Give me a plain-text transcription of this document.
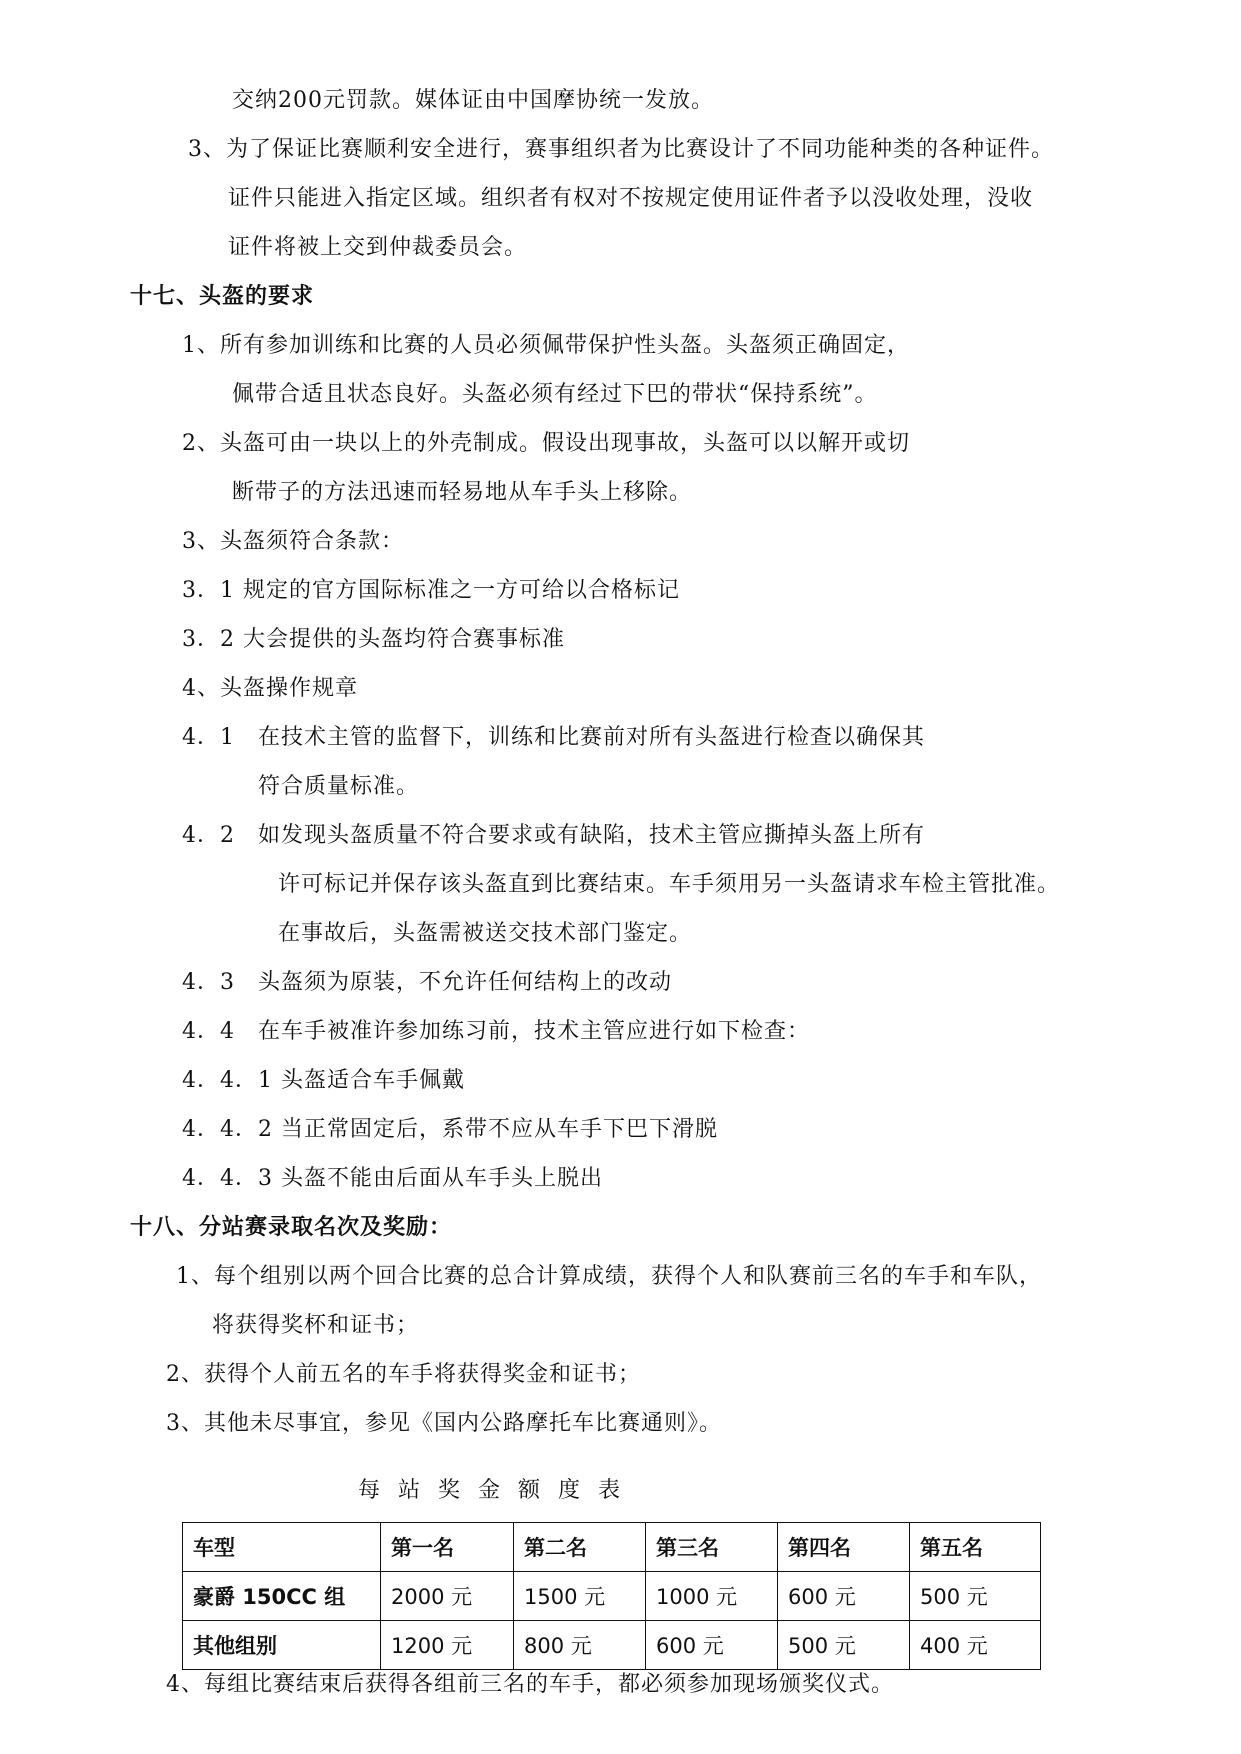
交纳200元罚款。媒体证由中国摩协统一发放。
3、为了保证比赛顺利安全进行，赛事组织者为比赛设计了不同功能种类的各种证件。
证件只能进入指定区域。组织者有权对不按规定使用证件者予以没收处理，没收
证件将被上交到仲裁委员会。
十七、头盔的要求
1、所有参加训练和比赛的人员必须佩带保护性头盔。头盔须正确固定，
佩带合适且状态良好。头盔必须有经过下巴的带状“保持系统”。
2、头盔可由一块以上的外壳制成。假设出现事故，头盔可以以解开或切
断带子的方法迅速而轻易地从车手头上移除。
3、头盔须符合条款：
3．1 规定的官方国际标准之一方可给以合格标记
3．2 大会提供的头盔均符合赛事标准
4、头盔操作规章
4．1 在技术主管的监督下，训练和比赛前对所有头盔进行检查以确保其
符合质量标准。
4．2 如发现头盔质量不符合要求或有缺陷，技术主管应撕掉头盔上所有
许可标记并保存该头盔直到比赛结束。车手须用另一头盔请求车检主管批准。
在事故后，头盔需被送交技术部门鉴定。
4．3 头盔须为原装，不允许任何结构上的改动
4．4 在车手被准许参加练习前，技术主管应进行如下检查：
4．4．1 头盔适合车手佩戴
4．4．2 当正常固定后，系带不应从车手下巴下滑脱
4．4．3 头盔不能由后面从车手头上脱出
十八、分站赛录取名次及奖励：
1、每个组别以两个回合比赛的总合计算成绩，获得个人和队赛前三名的车手和车队，
将获得奖杯和证书；
2、获得个人前五名的车手将获得奖金和证书；
3、其他未尽事宜，参见《国内公路摩托车比赛通则》。
每站奖金额度表
车型	第一名	第二名	第三名	第四名	第五名
豪爵 150CC 组	2000 元	1500 元	1000 元	600 元	500 元
其他组别	1200 元	800 元	600 元	500 元	400 元
4、每组比赛结束后获得各组前三名的车手，都必须参加现场颁奖仪式。
